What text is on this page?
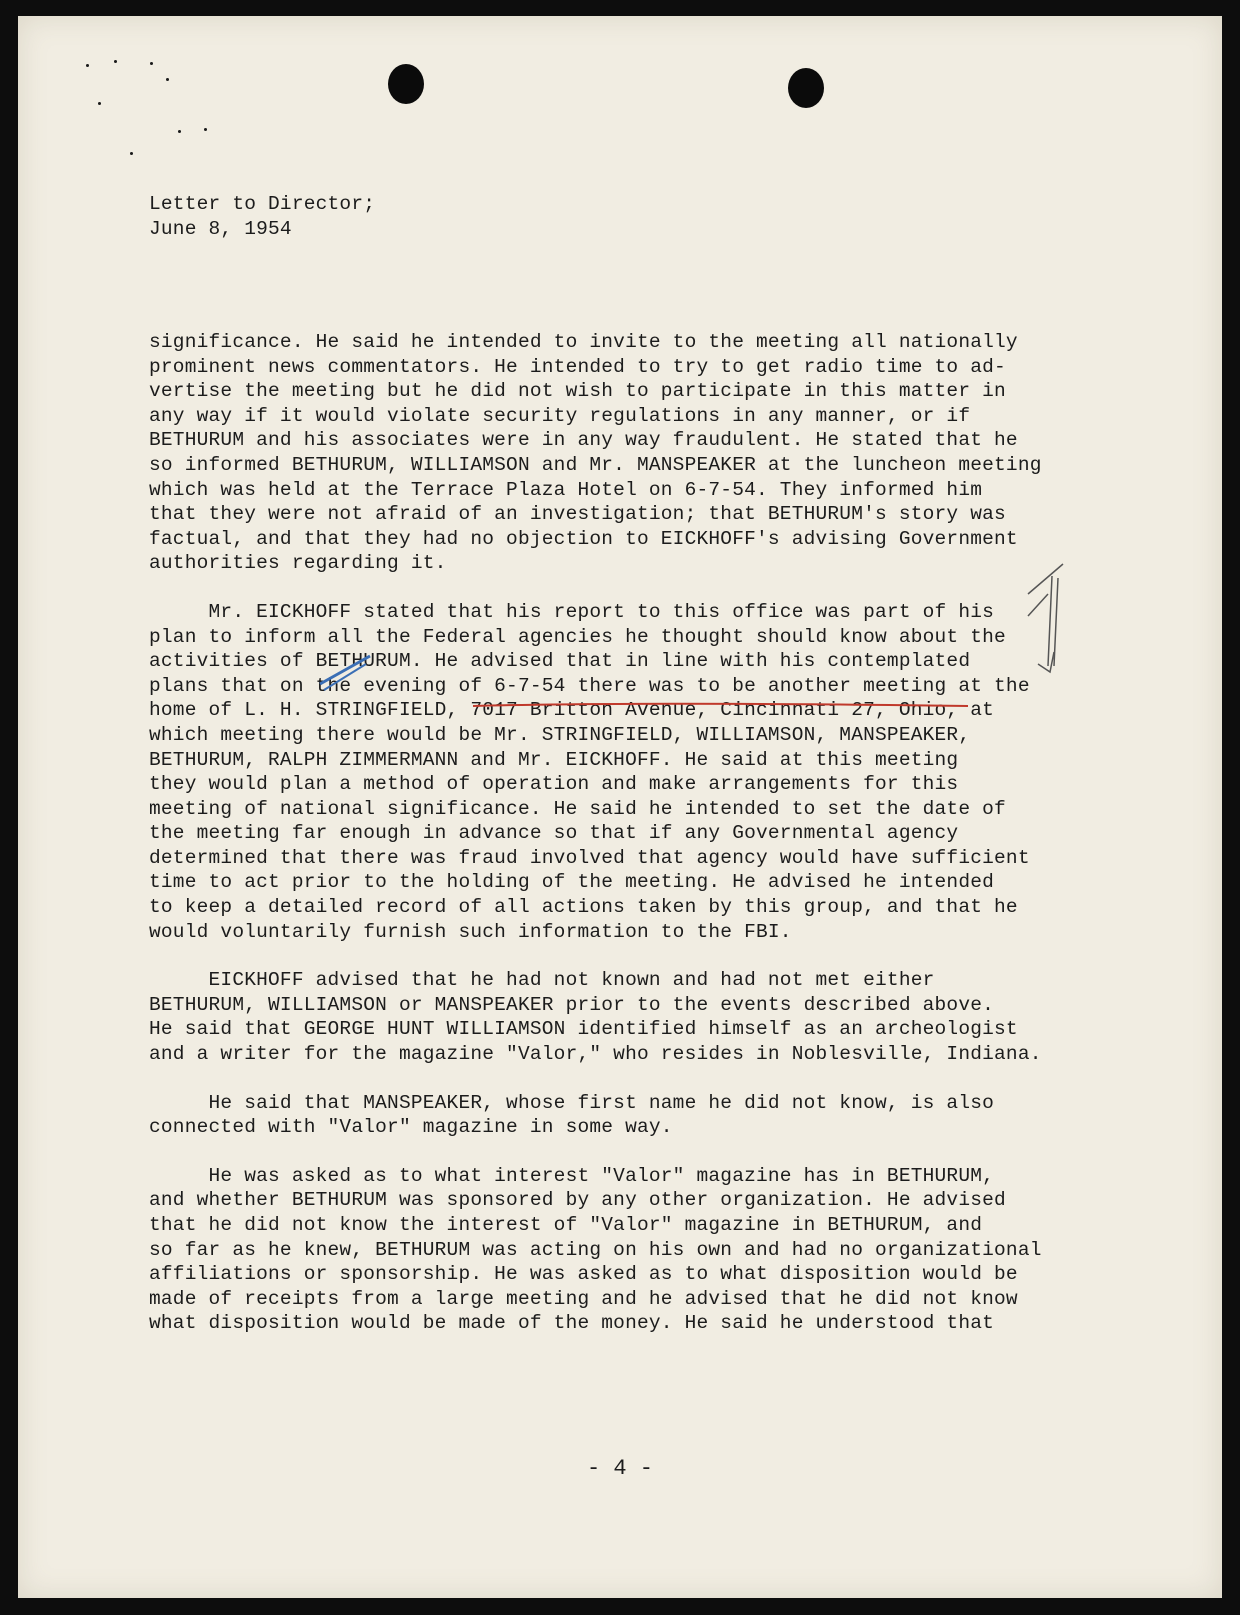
Letter to Director;
June 8, 1954
significance. He said he intended to invite to the meeting all nationally
prominent news commentators. He intended to try to get radio time to ad-
vertise the meeting but he did not wish to participate in this matter in
any way if it would violate security regulations in any manner, or if
BETHURUM and his associates were in any way fraudulent. He stated that he
so informed BETHURUM, WILLIAMSON and Mr. MANSPEAKER at the luncheon meeting
which was held at the Terrace Plaza Hotel on 6-7-54. They informed him
that they were not afraid of an investigation; that BETHURUM's story was
factual, and that they had no objection to EICKHOFF's advising Government
authorities regarding it.
Mr. EICKHOFF stated that his report to this office was part of his
plan to inform all the Federal agencies he thought should know about the
activities of BETHURUM. He advised that in line with his contemplated
plans that on the evening of 6-7-54 there was to be another meeting at the
home of L. H. STRINGFIELD, 7017 Britton Avenue, Cincinnati 27, Ohio, at
which meeting there would be Mr. STRINGFIELD, WILLIAMSON, MANSPEAKER,
BETHURUM, RALPH ZIMMERMANN and Mr. EICKHOFF. He said at this meeting
they would plan a method of operation and make arrangements for this
meeting of national significance. He said he intended to set the date of
the meeting far enough in advance so that if any Governmental agency
determined that there was fraud involved that agency would have sufficient
time to act prior to the holding of the meeting. He advised he intended
to keep a detailed record of all actions taken by this group, and that he
would voluntarily furnish such information to the FBI.
EICKHOFF advised that he had not known and had not met either
BETHURUM, WILLIAMSON or MANSPEAKER prior to the events described above.
He said that GEORGE HUNT WILLIAMSON identified himself as an archeologist
and a writer for the magazine "Valor," who resides in Noblesville, Indiana.
He said that MANSPEAKER, whose first name he did not know, is also
connected with "Valor" magazine in some way.
He was asked as to what interest "Valor" magazine has in BETHURUM,
and whether BETHURUM was sponsored by any other organization. He advised
that he did not know the interest of "Valor" magazine in BETHURUM, and
so far as he knew, BETHURUM was acting on his own and had no organizational
affiliations or sponsorship. He was asked as to what disposition would be
made of receipts from a large meeting and he advised that he did not know
what disposition would be made of the money. He said he understood that
- 4 -
